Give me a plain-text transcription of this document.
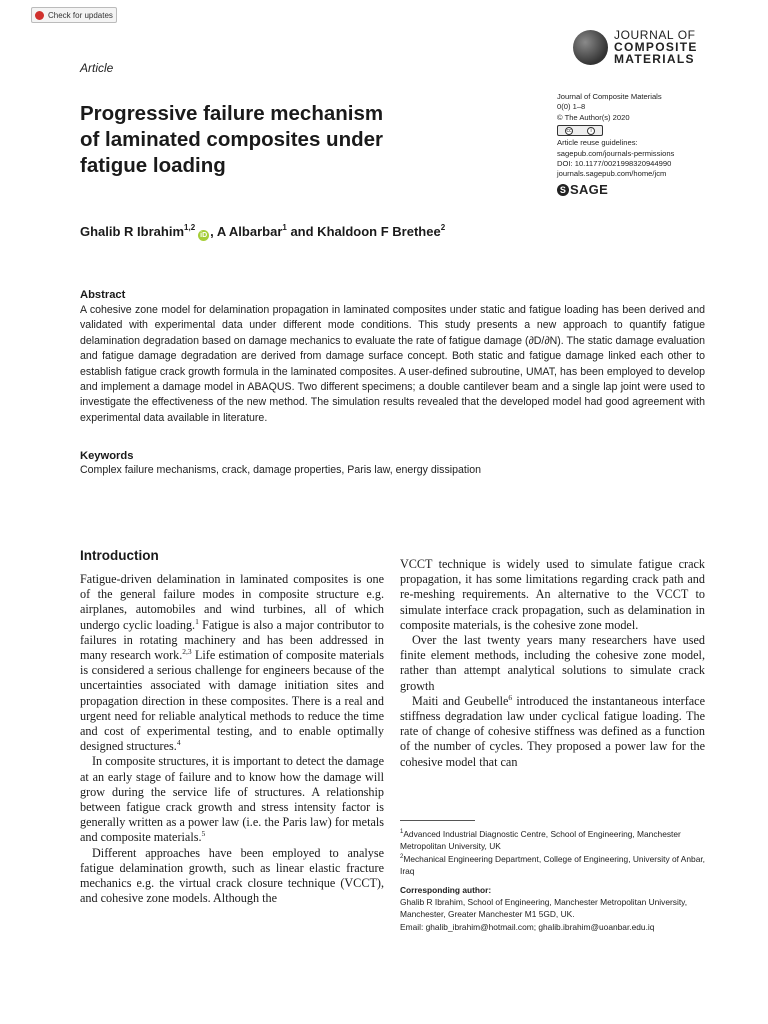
Check for updates
JOURNAL OF
COMPOSITE
MATERIALS
Article
Progressive failure mechanism
of laminated composites under
fatigue loading
Journal of Composite Materials
0(0) 1–8
© The Author(s) 2020
cc	i
Article reuse guidelines:
sagepub.com/journals-permissions
DOI: 10.1177/0021998320944990
journals.sagepub.com/home/jcm
S SAGE
Ghalib R Ibrahim$^{1,2}$iD , A Albarbar$^1$ and Khaldoon F Brethee$^2$
Abstract

A cohesive zone model for delamination propagation in laminated composites under static and fatigue loading has been derived and validated with experimental data under different mode conditions. This study presents a new approach to quantify fatigue delamination degradation based on damage mechanics to evaluate the rate of fatigue damage (∂D/∂N). The static damage evaluation and fatigue damage degradation are derived from damage surface concept. Both static and fatigue damage linked each other to establish fatigue crack growth formula in the laminated composites. A user-defined subroutine, UMAT, has been employed to develop and implement a damage model in ABAQUS. Two different specimens; a double cantilever beam and a single lap joint were used to investigate the effectiveness of the new method. The simulation results revealed that the developed model had good agreement with experimental data available in literature.

Keywords
Complex failure mechanisms, crack, damage properties, Paris law, energy dissipation
Introduction

Fatigue-driven delamination in laminated composites is one of the general failure modes in composite structure e.g. airplanes, automobiles and wind turbines, all of which undergo cyclic loading.$^1$ Fatigue is also a major contributor to failures in rotating machinery and has been addressed in many research work.$^{2,3}$ Life estimation of composite materials is considered a serious challenge for engineers because of the uncertainties associated with damage initiation sites and propagation direction in these composites. There is a real and urgent need for reliable analytical methods to reduce the time and cost of experimental testing, and to enable optimally designed structures.$^4$

In composite structures, it is important to detect the damage at an early stage of failure and to know how the damage will grow during the service life of structures. A relationship between fatigue crack growth and stress intensity factor is generally written as a power law (i.e. the Paris law) for metals and composite materials.$^5$

Different approaches have been employed to analyse fatigue delamination growth, such as linear elastic fracture mechanics e.g. the virtual crack closure technique (VCCT), and cohesive zone models. Although the

VCCT technique is widely used to simulate fatigue crack propagation, it has some limitations regarding crack path and re-meshing requirements. An alternative to the VCCT to simulate interface crack propagation, such as delamination in composite materials, is the cohesive zone model.

Over the last twenty years many researchers have used finite element methods, including the cohesive zone model, rather than attempt analytical solutions to simulate crack growth

Maiti and Geubelle$^6$ introduced the instantaneous interface stiffness degradation law under cyclical fatigue loading. The rate of change of cohesive stiffness was defined as a function of the number of cycles. They proposed a power law for the cohesive model that can

$^1$Advanced Industrial Diagnostic Centre, School of Engineering, Manchester Metropolitan University, UK
$^2$Mechanical Engineering Department, College of Engineering, University of Anbar, Iraq
Corresponding author:
Ghalib R Ibrahim, School of Engineering, Manchester Metropolitan University, Manchester, Greater Manchester M1 5GD, UK.
Email: ghalib_ibrahim@hotmail.com; ghalib.ibrahim@uoanbar.edu.iq
